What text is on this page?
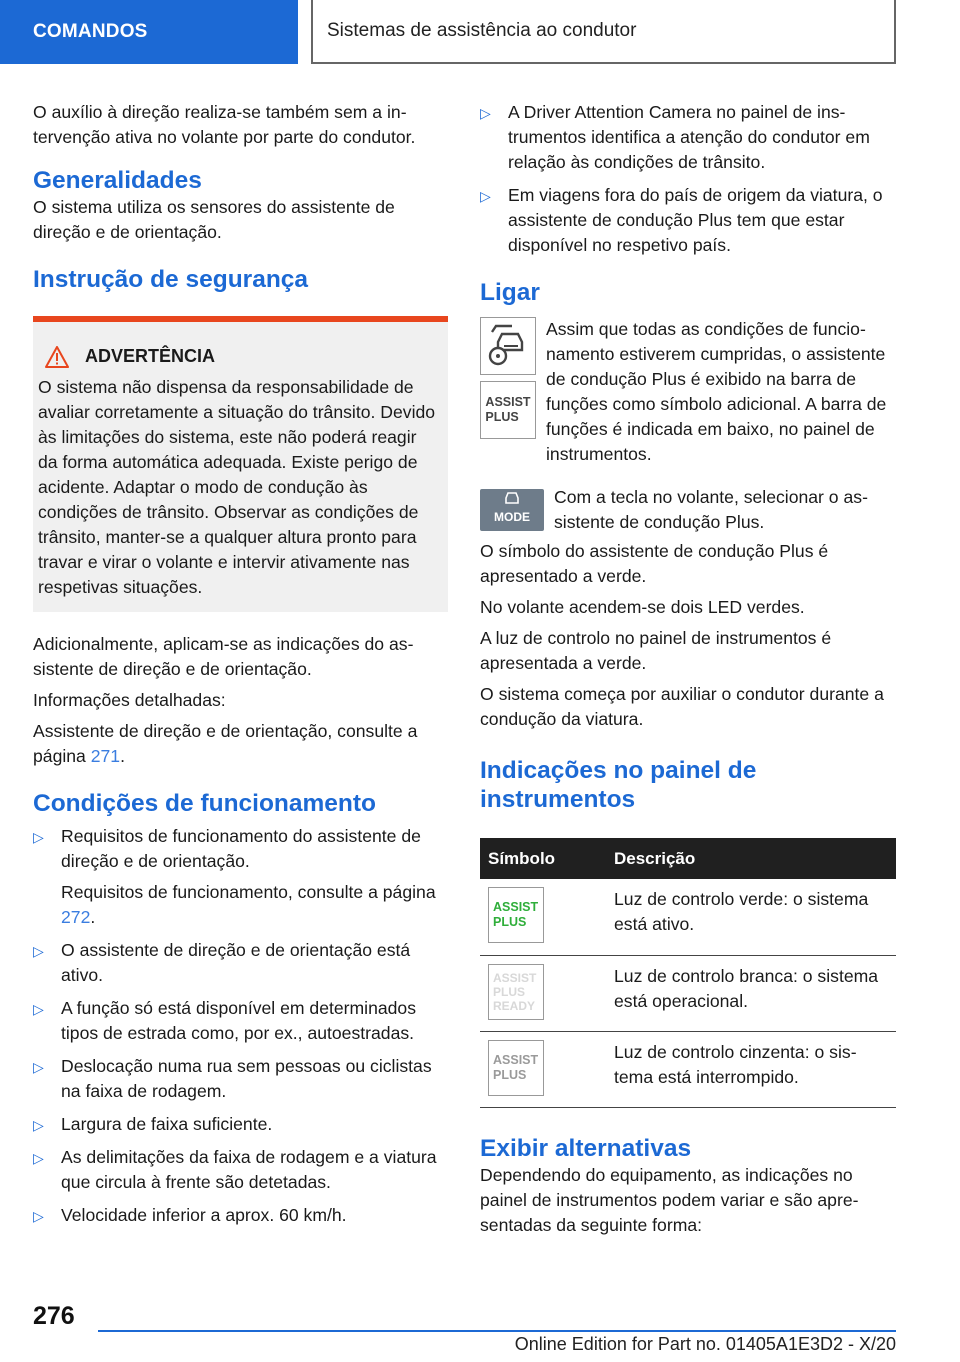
COMANDOS	Sistemas de assistência ao condutor

O auxílio à direção realiza-se também sem a intervenção ativa no volante por parte do condutor.

Generalidades

O sistema utiliza os sensores do assistente de direção e de orientação.

Instrução de segurança
ADVERTÊNCIA
O sistema não dispensa da responsabilidade de avaliar corretamente a situação do trânsito. Devido às limitações do sistema, este não poderá reagir da forma automática adequada. Existe perigo de acidente. Adaptar o modo de condução às condições de trânsito. Observar as condições de trânsito, manter-se a qualquer altura pronto para travar e virar o volante e intervir ativamente nas respetivas situações.

Adicionalmente, aplicam-se as indicações do assistente de direção e de orientação.

Informações detalhadas:

Assistente de direção e de orientação, consulte a página 271.

Condições de funcionamento
▷ Requisitos de funcionamento do assistente de direção e de orientação.
Requisitos de funcionamento, consulte a página 272.
▷ O assistente de direção e de orientação está ativo.
▷ A função só está disponível em determinados tipos de estrada como, por ex., autoestradas.
▷ Deslocação numa rua sem pessoas ou ciclistas na faixa de rodagem.
▷ Largura de faixa suficiente.
▷ As delimitações da faixa de rodagem e a viatura que circula à frente são detetadas.
▷ Velocidade inferior a aprox. 60 km/h.
▷ A Driver Attention Camera no painel de instrumentos identifica a atenção do condutor em relação às condições de trânsito.
▷ Em viagens fora do país de origem da viatura, o assistente de condução Plus tem que estar disponível no respetivo país.
Ligar
ASSIST
PLUS
Assim que todas as condições de funcionamento estiverem cumpridas, o assistente de condução Plus é exibido na barra de funções como símbolo adicional. A barra de funções é indicada em baixo, no painel de instrumentos.
MODE
Com a tecla no volante, selecionar o assistente de condução Plus.

O símbolo do assistente de condução Plus é apresentado a verde.

No volante acendem-se dois LED verdes.

A luz de controlo no painel de instrumentos é apresentada a verde.

O sistema começa por auxiliar o condutor durante a condução da viatura.

Indicações no painel de instrumentos
Símbolo	Descrição

ASSIST
PLUS	Luz de controlo verde: o sistema está ativo.

ASSIST
PLUS
READY	Luz de controlo branca: o sistema está operacional.

ASSIST
PLUS	Luz de controlo cinzenta: o sistema está interrompido.
Exibir alternativas

Dependendo do equipamento, as indicações no painel de instrumentos podem variar e são apresentadas da seguinte forma:

276
Online Edition for Part no. 01405A1E3D2 - X/20
